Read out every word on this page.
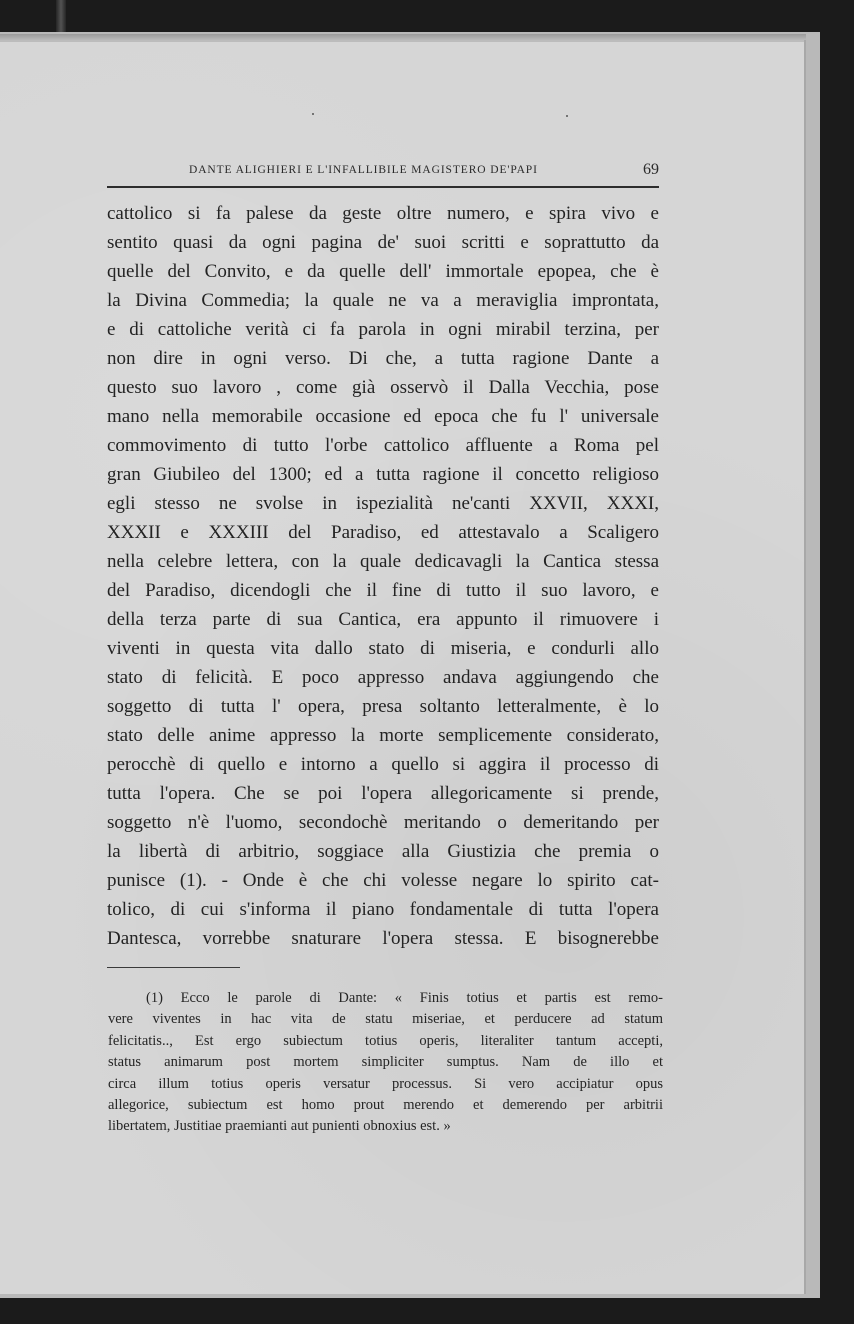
DANTE ALIGHIERI E L'INFALLIBILE MAGISTERO DE'PAPI	69
cattolico si fa palese da geste oltre numero, e spira vivo e
sentito quasi da ogni pagina de' suoi scritti e soprattutto da
quelle del Convito, e da quelle dell' immortale epopea, che è
la Divina Commedia; la quale ne va a meraviglia improntata,
e di cattoliche verità ci fa parola in ogni mirabil terzina, per
non dire in ogni verso. Di che, a tutta ragione Dante a
questo suo lavoro , come già osservò il Dalla Vecchia, pose
mano nella memorabile occasione ed epoca che fu l' universale
commovimento di tutto l'orbe cattolico affluente a Roma pel
gran Giubileo del 1300; ed a tutta ragione il concetto religioso
egli stesso ne svolse in ispezialità ne'canti XXVII, XXXI,
XXXII e XXXIII del Paradiso, ed attestavalo a Scaligero
nella celebre lettera, con la quale dedicavagli la Cantica stessa
del Paradiso, dicendogli che il fine di tutto il suo lavoro, e
della terza parte di sua Cantica, era appunto il rimuovere i
viventi in questa vita dallo stato di miseria, e condurli allo
stato di felicità. E poco appresso andava aggiungendo che
soggetto di tutta l' opera, presa soltanto letteralmente, è lo
stato delle anime appresso la morte semplicemente considerato,
perocchè di quello e intorno a quello si aggira il processo di
tutta l'opera. Che se poi l'opera allegoricamente si prende,
soggetto n'è l'uomo, secondochè meritando o demeritando per
la libertà di arbitrio, soggiace alla Giustizia che premia o
punisce (1). - Onde è che chi volesse negare lo spirito cat-
tolico, di cui s'informa il piano fondamentale di tutta l'opera
Dantesca, vorrebbe snaturare l'opera stessa. E bisognerebbe
(1) Ecco le parole di Dante: « Finis totius et partis est remo-
vere viventes in hac vita de statu miseriae, et perducere ad statum
felicitatis.., Est ergo subiectum totius operis, literaliter tantum accepti,
status animarum post mortem simpliciter sumptus. Nam de illo et
circa illum totius operis versatur processus. Si vero accipiatur opus
allegorice, subiectum est homo prout merendo et demerendo per arbitrii
libertatem, Justitiae praemianti aut punienti obnoxius est. »
